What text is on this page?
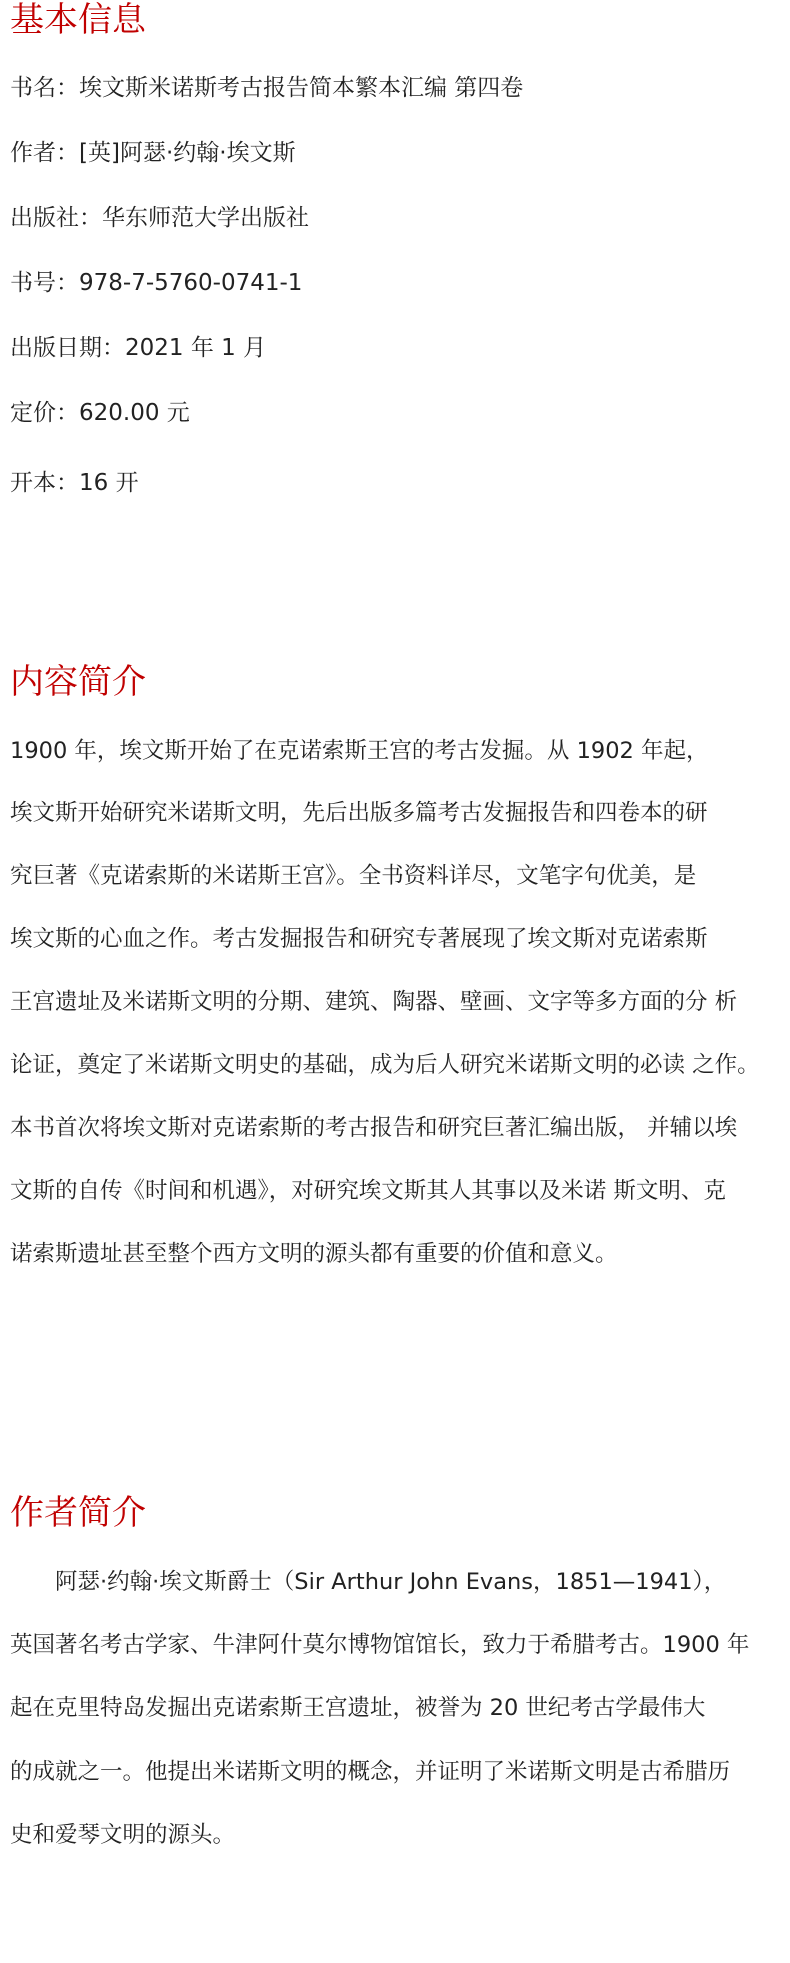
基本信息

书名：埃文斯米诺斯考古报告简本繁本汇编 第四卷

作者：[英]阿瑟·约翰·埃文斯

出版社：华东师范大学出版社

书号：978-7-5760-0741-1

出版日期：2021 年 1 月

定价：620.00 元

开本：16 开

内容简介

1900 年，埃文斯开始了在克诺索斯王宫的考古发掘。从 1902 年起，

埃文斯开始研究米诺斯文明，先后出版多篇考古发掘报告和四卷本的研

究巨著《克诺索斯的米诺斯王宫》。全书资料详尽，文笔字句优美，是

埃文斯的心血之作。考古发掘报告和研究专著展现了埃文斯对克诺索斯

王宫遗址及米诺斯文明的分期、建筑、陶器、壁画、文字等多方面的分 析

论证，奠定了米诺斯文明史的基础，成为后人研究米诺斯文明的必读 之作。

本书首次将埃文斯对克诺索斯的考古报告和研究巨著汇编出版， 并辅以埃

文斯的自传《时间和机遇》，对研究埃文斯其人其事以及米诺 斯文明、克

诺索斯遗址甚至整个西方文明的源头都有重要的价值和意义。

作者简介

阿瑟·约翰·埃文斯爵士（Sir Arthur John Evans，1851—1941），

英国著名考古学家、牛津阿什莫尔博物馆馆长，致力于希腊考古。1900 年

起在克里特岛发掘出克诺索斯王宫遗址，被誉为 20 世纪考古学最伟大

的成就之一。他提出米诺斯文明的概念，并证明了米诺斯文明是古希腊历

史和爱琴文明的源头。
